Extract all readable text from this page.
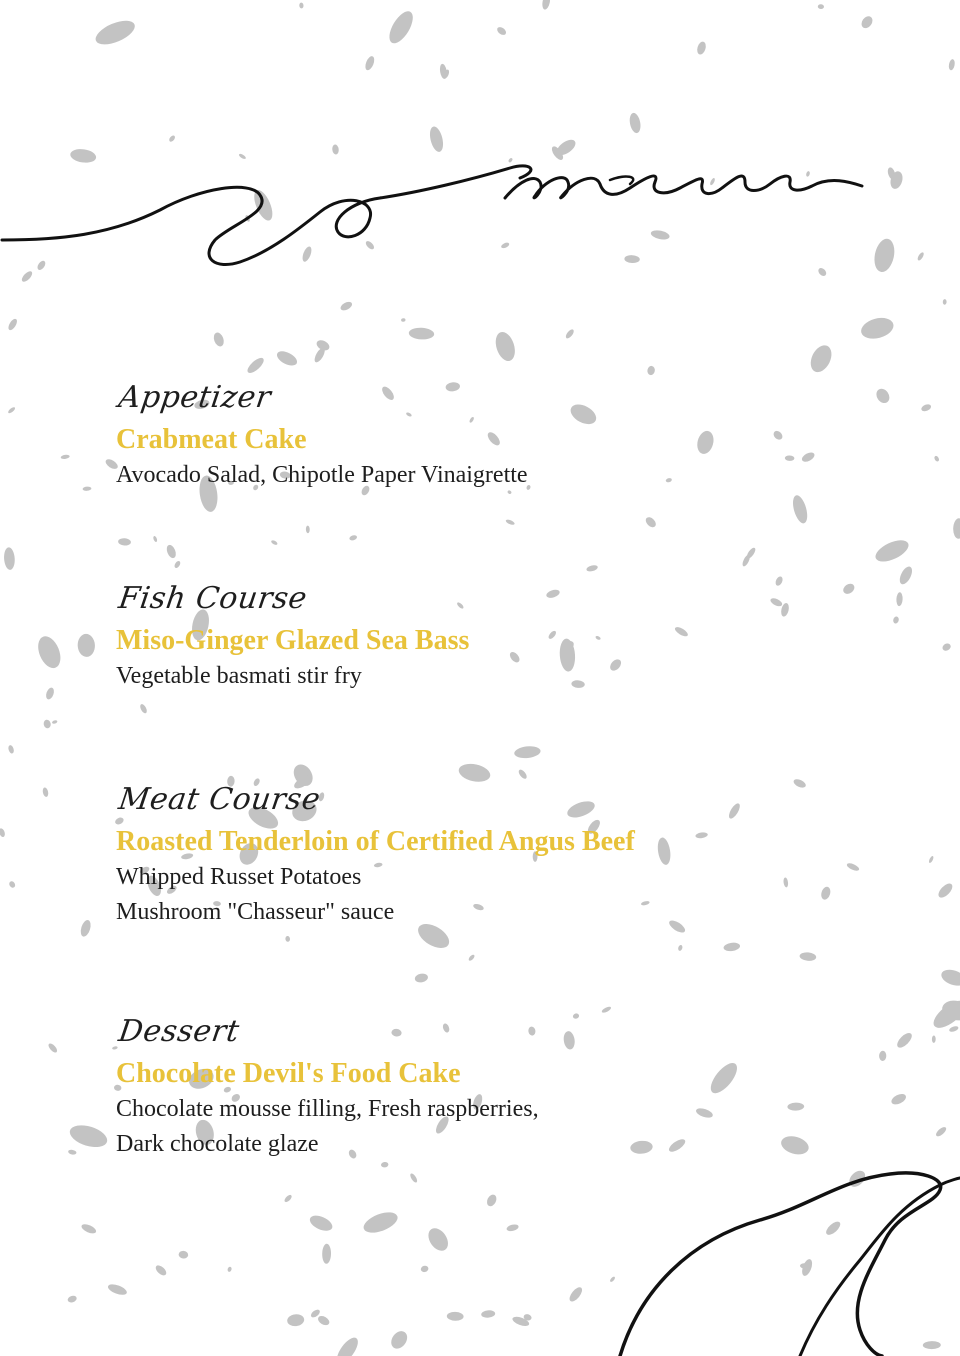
Appetizer
Crabmeat Cake
Avocado Salad, Chipotle Paper Vinaigrette
Fish Course
Miso-Ginger Glazed Sea Bass
Vegetable basmati stir fry
Meat Course
Roasted Tenderloin of Certified Angus Beef
Whipped Russet Potatoes
Mushroom "Chasseur" sauce
Dessert
Chocolate Devil's Food Cake
Chocolate mousse filling, Fresh raspberries,
Dark chocolate glaze
